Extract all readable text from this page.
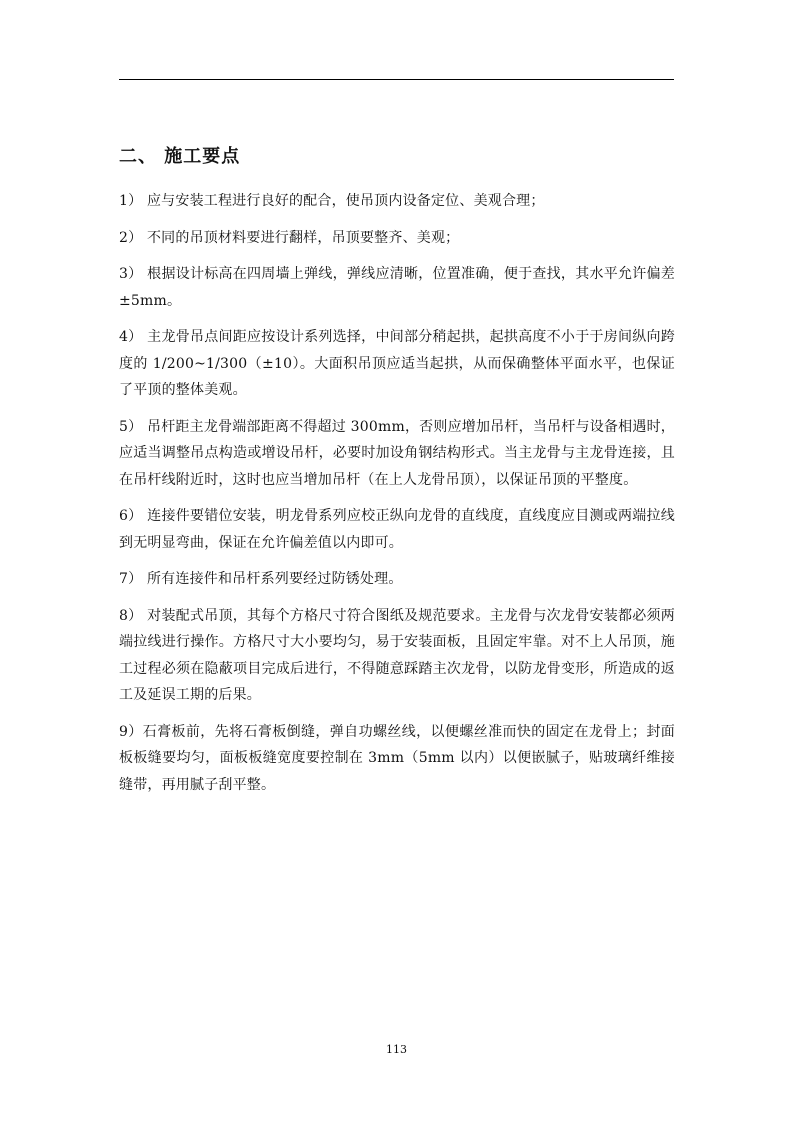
二、 施工要点

1） 应与安装工程进行良好的配合，使吊顶内设备定位、美观合理；

2） 不同的吊顶材料要进行翻样，吊顶要整齐、美观；

3） 根据设计标高在四周墙上弹线，弹线应清晰，位置准确，便于查找，其水平允许偏差±5mm。

4） 主龙骨吊点间距应按设计系列选择，中间部分稍起拱，起拱高度不小于于房间纵向跨度的 1/200~1/300（±10）。大面积吊顶应适当起拱，从而保确整体平面水平，也保证了平顶的整体美观。

5） 吊杆距主龙骨端部距离不得超过 300mm，否则应增加吊杆，当吊杆与设备相遇时，应适当调整吊点构造或增设吊杆，必要时加设角钢结构形式。当主龙骨与主龙骨连接，且在吊杆线附近时，这时也应当增加吊杆（在上人龙骨吊顶），以保证吊顶的平整度。

6） 连接件要错位安装，明龙骨系列应校正纵向龙骨的直线度，直线度应目测或两端拉线到无明显弯曲，保证在允许偏差值以内即可。

7） 所有连接件和吊杆系列要经过防锈处理。

8） 对装配式吊顶，其每个方格尺寸符合图纸及规范要求。主龙骨与次龙骨安装都必须两端拉线进行操作。方格尺寸大小要均匀，易于安装面板，且固定牢靠。对不上人吊顶，施工过程必须在隐蔽项目完成后进行，不得随意踩踏主次龙骨，以防龙骨变形，所造成的返工及延误工期的后果。

9）石膏板前，先将石膏板倒缝，弹自功螺丝线，以便螺丝准而快的固定在龙骨上；封面板板缝要均匀，面板板缝宽度要控制在 3mm（5mm 以内）以便嵌腻子，贴玻璃纤维接缝带，再用腻子刮平整。

113
